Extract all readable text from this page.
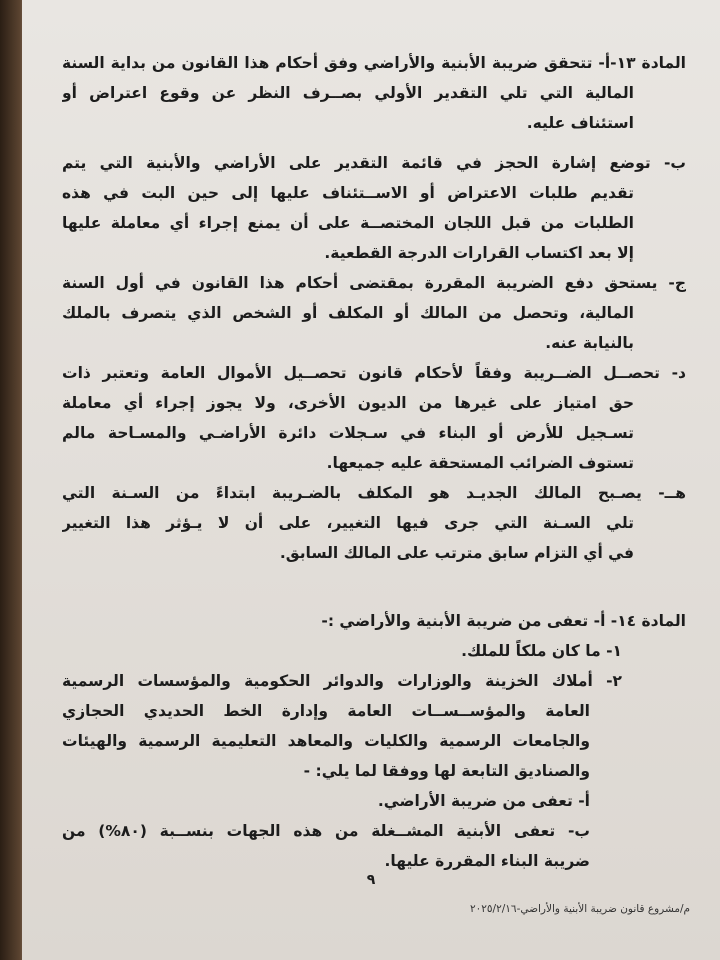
المادة ١٣-أ- تتحقق ضريبة الأبنية والأراضي وفق أحكام هذا القانون من بداية السنة
المالية التي تلي التقدير الأولي بصــرف النظر عن وقوع اعتراض أو
استئناف عليه.
ب- توضع إشارة الحجز في قائمة التقدير على الأراضي والأبنية التي يتم
تقديم طلبات الاعتراض أو الاســتئناف عليها إلى حين البت في هذه
الطلبات من قبل اللجان المختصــة على أن يمنع إجراء أي معاملة عليها
إلا بعد اكتساب القرارات الدرجة القطعية.
ج- يستحق دفع الضريبة المقررة بمقتضى أحكام هذا القانون في أول السنة
المالية، وتحصل من المالك أو المكلف أو الشخص الذي يتصرف بالملك
بالنيابة عنه.
د- تحصــل الضــريبة وفقاً لأحكام قانون تحصــيل الأموال العامة وتعتبر ذات
حق امتياز على غيرها من الديون الأخرى، ولا يجوز إجراء أي معاملة
تسـجيل للأرض أو البناء في سـجلات دائرة الأراضـي والمسـاحة مالم
تستوف الضرائب المستحقة عليه جميعها.
هــ- يصـبح المالك الجديـد هو المكلف بالضـريبة ابتداءً من السـنة التي
تلي السـنة التي جرى فيها التغيير، على أن لا يـؤثر هذا التغيير
في أي التزام سابق مترتب على المالك السابق.
المادة ١٤- أ- تعفى من ضريبة الأبنية والأراضي :-
١- ما كان ملكاً للملك.
٢- أملاك الخزينة والوزارات والدوائر الحكومية والمؤسسات الرسمية
العامة والمؤســســات العامة وإدارة الخط الحديدي الحجازي
والجامعات الرسمية والكليات والمعاهد التعليمية الرسمية والهيئات
والصناديق التابعة لها ووفقا لما يلي: -
أ- تعفى من ضريبة الأراضي.
ب- تعفى الأبنية المشــغلة من هذه الجهات بنســبة (٨٠%) من
ضريبة البناء المقررة عليها.
٩
م/مشروع قانون ضريبة الأبنية والأراضي-٢٠٢٥/٢/١٦
